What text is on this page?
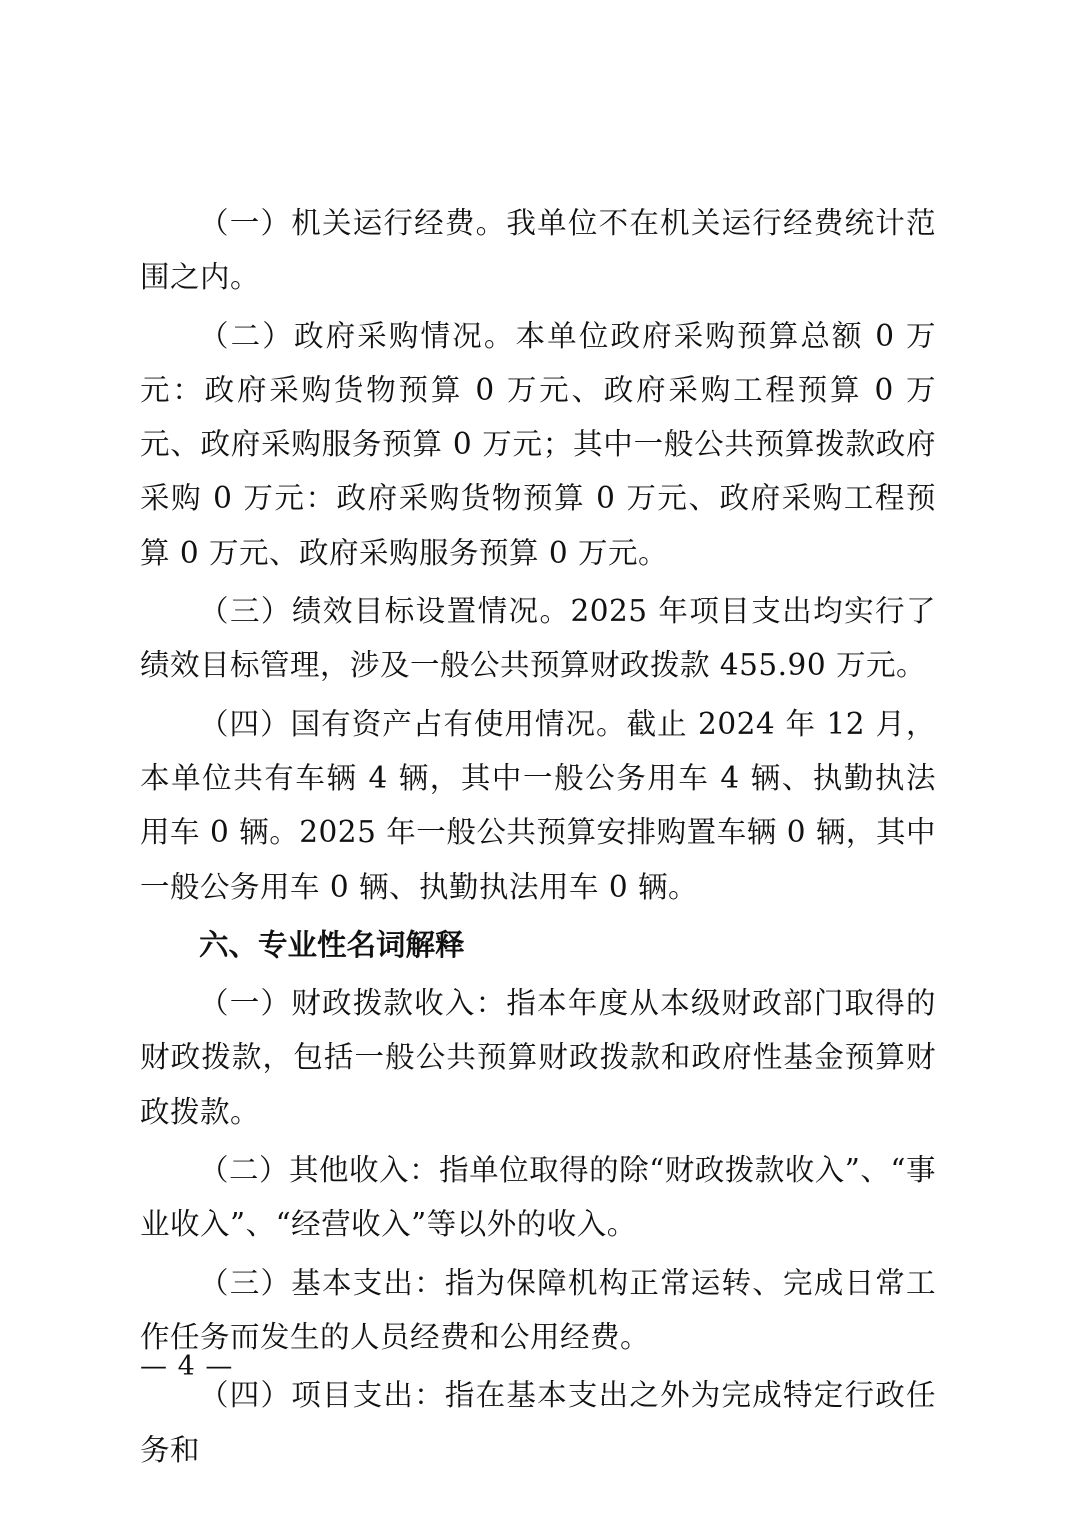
（一）机关运行经费。我单位不在机关运行经费统计范围之内。

（二）政府采购情况。本单位政府采购预算总额 0 万元：政府采购货物预算 0 万元、政府采购工程预算 0 万元、政府采购服务预算 0 万元；其中一般公共预算拨款政府采购 0 万元：政府采购货物预算 0 万元、政府采购工程预算 0 万元、政府采购服务预算 0 万元。

（三）绩效目标设置情况。2025 年项目支出均实行了绩效目标管理，涉及一般公共预算财政拨款 455.90 万元。

（四）国有资产占有使用情况。截止 2024 年 12 月，本单位共有车辆 4 辆，其中一般公务用车 4 辆、执勤执法用车 0 辆。2025 年一般公共预算安排购置车辆 0 辆，其中一般公务用车 0 辆、执勤执法用车 0 辆。

六、专业性名词解释

（一）财政拨款收入：指本年度从本级财政部门取得的财政拨款，包括一般公共预算财政拨款和政府性基金预算财政拨款。

（二）其他收入：指单位取得的除“财政拨款收入”、“事业收入”、“经营收入”等以外的收入。

（三）基本支出：指为保障机构正常运转、完成日常工作任务而发生的人员经费和公用经费。

（四）项目支出：指在基本支出之外为完成特定行政任务和

— 4 —
